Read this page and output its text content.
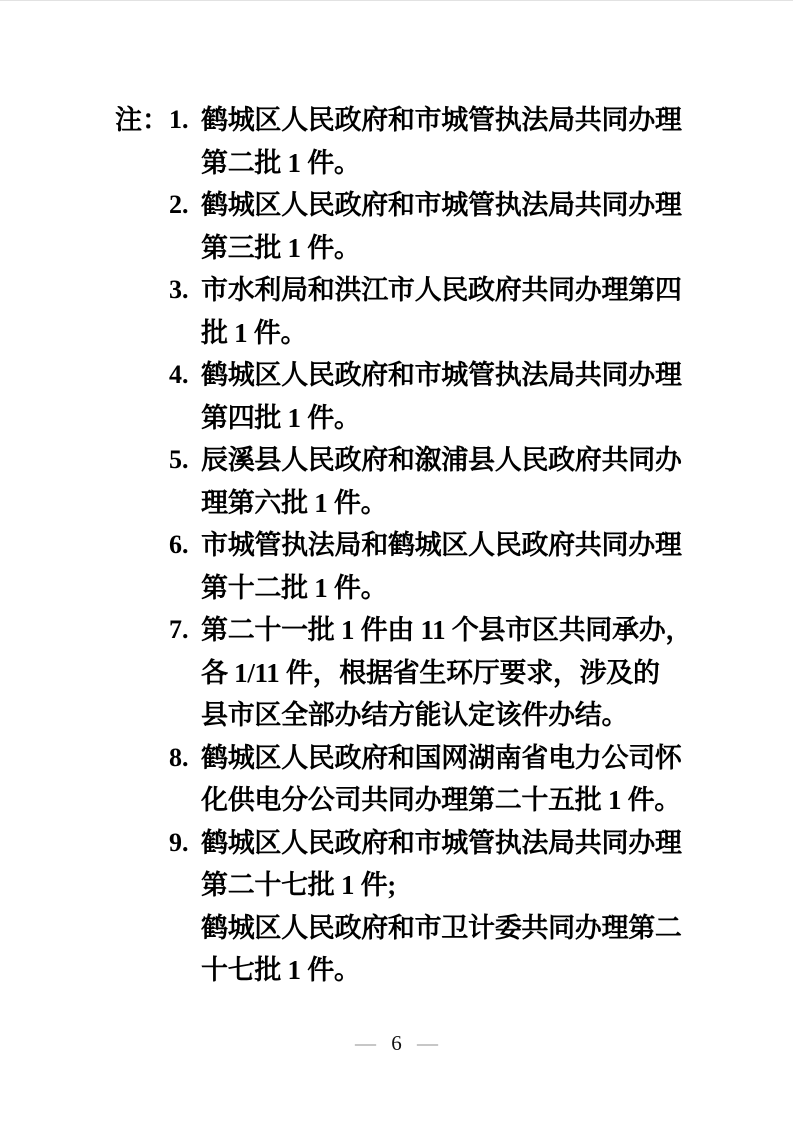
注： 1. 鹤城区人民政府和市城管执法局共同办理
第二批 1 件。
2. 鹤城区人民政府和市城管执法局共同办理
第三批 1 件。
3. 市水利局和洪江市人民政府共同办理第四
批 1 件。
4. 鹤城区人民政府和市城管执法局共同办理
第四批 1 件。
5. 辰溪县人民政府和溆浦县人民政府共同办
理第六批 1 件。
6. 市城管执法局和鹤城区人民政府共同办理
第十二批 1 件。
7. 第二十一批 1 件由 11 个县市区共同承办，
各 1/11 件，根据省生环厅要求，涉及的
县市区全部办结方能认定该件办结。
8. 鹤城区人民政府和国网湖南省电力公司怀
化供电分公司共同办理第二十五批 1 件。
9. 鹤城区人民政府和市城管执法局共同办理
第二十七批 1 件;
鹤城区人民政府和市卫计委共同办理第二
十七批 1 件。
— 6 —
